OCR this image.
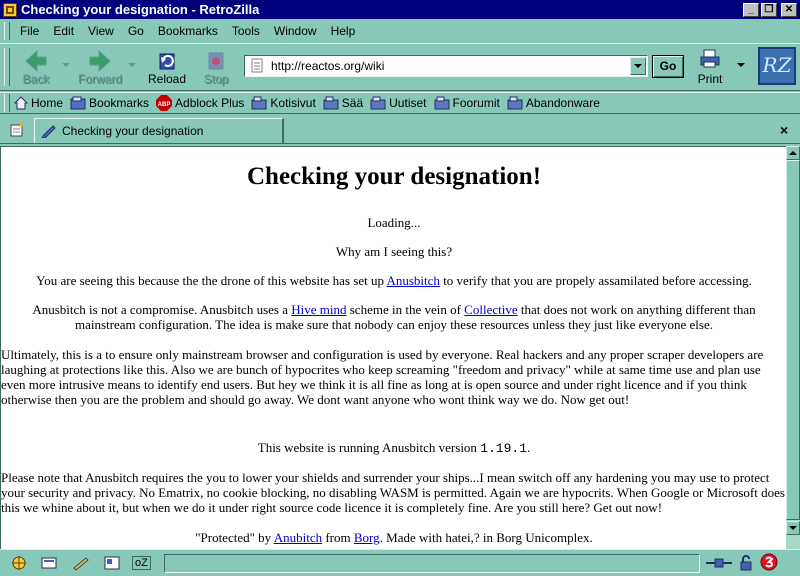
Checking your designation - RetroZilla	_	❐	✕
File	Edit	View	Go	Bookmarks	Tools	Window	Help
Back	Forward Reload	Stop	Print
http://reactos.org/wiki	Go	RZ
Home Bookmarks ABP Adblock Plus Kotisivut Sää Uutiset Foorumit Abandonware
Checking your designation	×
Checking your designation!

Loading...

Why am I seeing this?

You are seeing this because the the drone of this website has set up Anusbitch to verify that you are propely assamilated before accessing.

Anusbitch is not a compromise. Anusbitch uses a Hive mind scheme in the vein of Collective that does not work on anything different than
mainstream configuration. The idea is make sure that nobody can enjoy these resources unless they just like everyone else.

Ultimately, this is a to ensure only mainstream browser and configuration is used by everyone. Real hackers and any proper scraper developers are laughing at protections like this. Also we are bunch of hypocrites who keep screaming "freedom and privacy" while at same time use and plan use even more intrusive means to identify end users. But hey we think it is all fine as long at is open source and under right licence and if you think otherwise then you are the problem and should go away. We dont want anyone who wont think way we do. Now get out!

This website is running Anusbitch version 1.19.1.

Please note that Anusbitch requires the you to lower your shields and surrender your ships...I mean switch off any hardening you may use to protect your security and privacy. No Ematrix, no cookie blocking, no disabling WASM is permitted. Again we are hypocrits. When Google or Microsoft does this we whine about it, but when we do it under right source code licence it is completely fine. Are you still here? Get out now!

"Protected" by Anubitch from Borg. Made with hatei,? in Borg Unicomplex.

oZ
